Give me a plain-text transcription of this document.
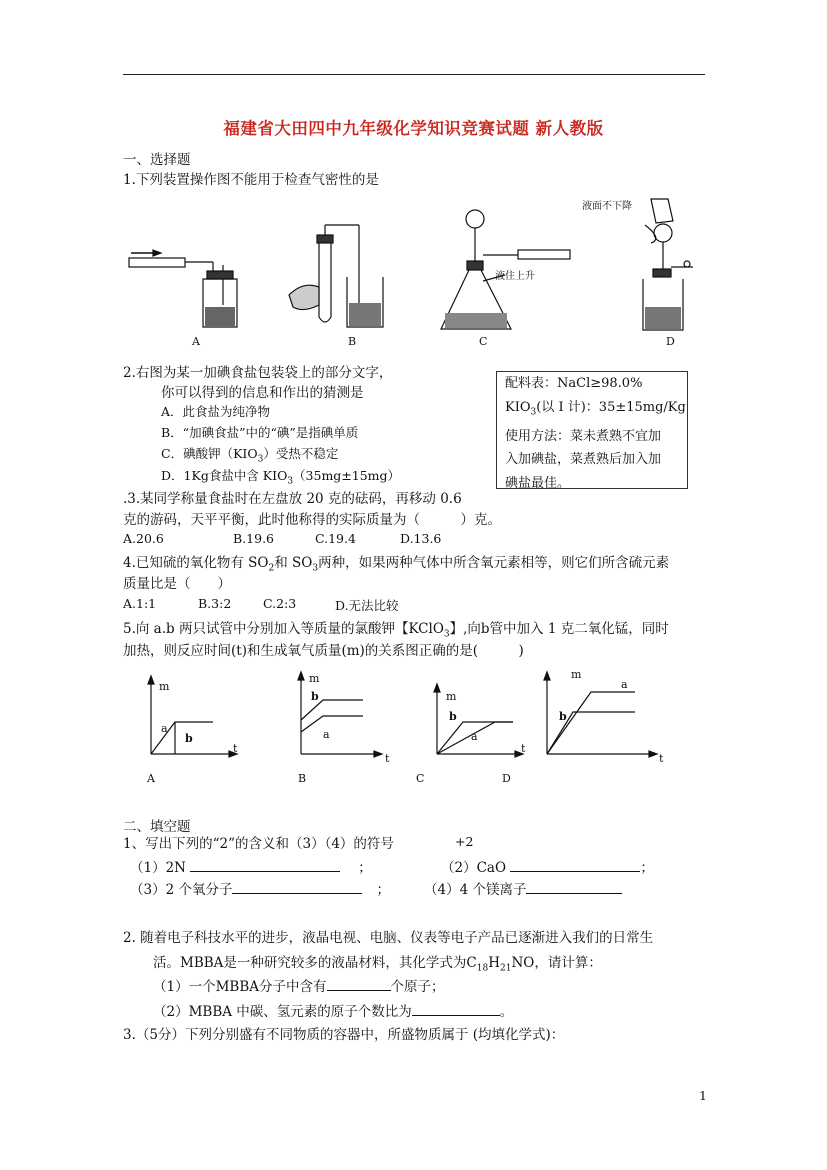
福建省大田四中九年级化学知识竞赛试题 新人教版
一、选择题
1.下列装置操作图不能用于检查气密性的是
液住上升
液面不下降
A	B	C	D
2.右图为某一加碘食盐包装袋上的部分文字，
你可以得到的信息和作出的猜测是
A．此食盐为纯净物
B．“加碘食盐”中的“碘”是指碘单质
C．碘酸钾$(KIO_3)$受热不稳定
D．1Kg食盐中含 $KIO_3(35mg\pm 15mg)$
配料表：NaCl≥98.0%
$KIO_3$(以 I 计)：35±15mg/Kg
使用方法：菜未煮熟不宜加
入加碘盐，菜煮熟后加入加
碘盐最佳。
.3.某同学称量食盐时在左盘放 20 克的砝码，再移动 0.6
克的游码，天平平衡，此时他称得的实际质量为（　　　）克。
A.20.6	B.19.6	C.19.4	D.13.6
4.已知硫的氧化物有 $SO_2$和 $SO_3$两种，如果两种气体中所含氧元素相等，则它们所含硫元素
质量比是（　　）
A.1:1	B.3:2	C.2:3	D.无法比较
5.向 a.b 两只试管中分别加入等质量的氯酸钾【KClO$_3$】,向b管中加入 1 克二氧化锰，同时
加热，则反应时间(t)和生成氧气质量(m)的关系图正确的是(　　　)
m
t
a
b
m
t
b
a
m
t
b
a
m
t
a
b
A	B	C	D
二、填空题
1、写出下列的“2”的含义和（3）（4）的符号	+2
（1）2N	；	（2）CaO	；
（3）2 个氧分子	；	（4）4 个镁离子
2. 随着电子科技水平的进步，液晶电视、电脑、仪表等电子产品已逐渐进入我们的日常生
活。MBBA是一种研究较多的液晶材料，其化学式为$C_{18}H_{21}NO$，请计算：
（1）一个MBBA分子中含有	个原子；
（2）MBBA 中碳、氢元素的原子个数比为	。
3.（5分）下列分别盛有不同物质的容器中，所盛物质属于 (均填化学式)：
1
